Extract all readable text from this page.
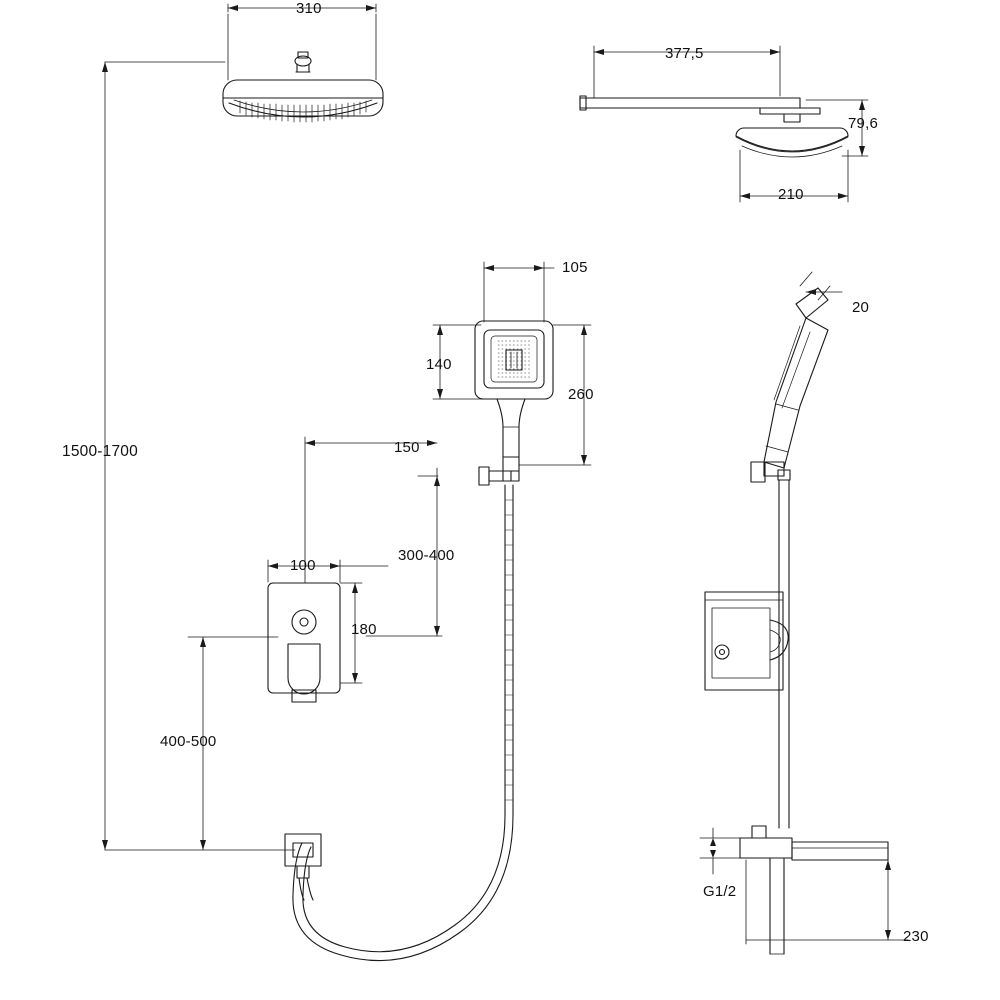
310
377,5
79,6
210
105
140
260
150
20
1500-1700
300-400
100
180
400-500
G1/2
230
